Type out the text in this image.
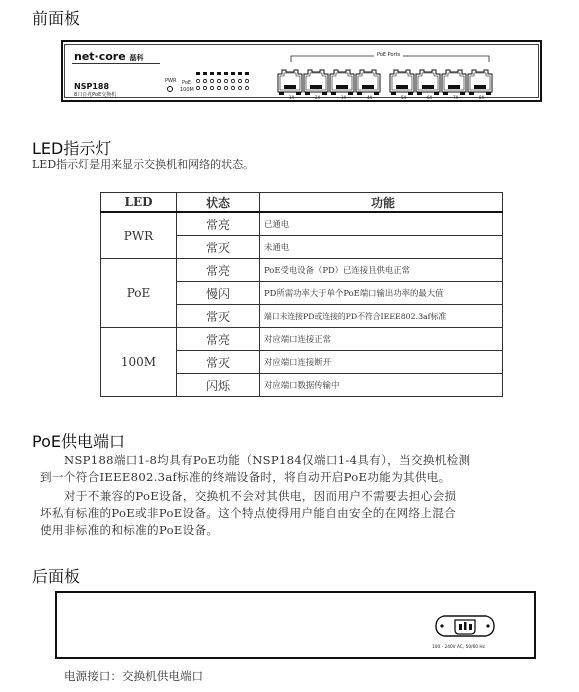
前面板
net·core 磊科
NSP188
8口百兆PoE交换机
PWR PoE
100M
PoE Ports
1X	2X	3X	4X	5X	6X	7X	8X
LED指示灯
LED指示灯是用来显示交换机和网络的状态。
LED	状态	功能
PWR	常亮	已通电
	常灭	未通电
PoE	常亮	PoE受电设备（PD）已连接且供电正常
	慢闪	PD所需功率大于单个PoE端口输出功率的最大值
	常灭	端口未连接PD或连接的PD不符合IEEE802.3af标准
100M	常亮	对应端口连接正常
	常灭	对应端口连接断开
	闪烁	对应端口数据传输中
PoE供电端口
NSP188端口1-8均具有PoE功能（NSP184仅端口1-4具有），当交换机检测
到一个符合IEEE802.3af标准的终端设备时，将自动开启PoE功能为其供电。
对于不兼容的PoE设备，交换机不会对其供电，因而用户不需要去担心会损
坏私有标准的PoE或非PoE设备。这个特点使得用户能自由安全的在网络上混合
使用非标准的和标准的PoE设备。
后面板
100 - 240V AC, 50/60 Hz
电源接口：交换机供电端口
